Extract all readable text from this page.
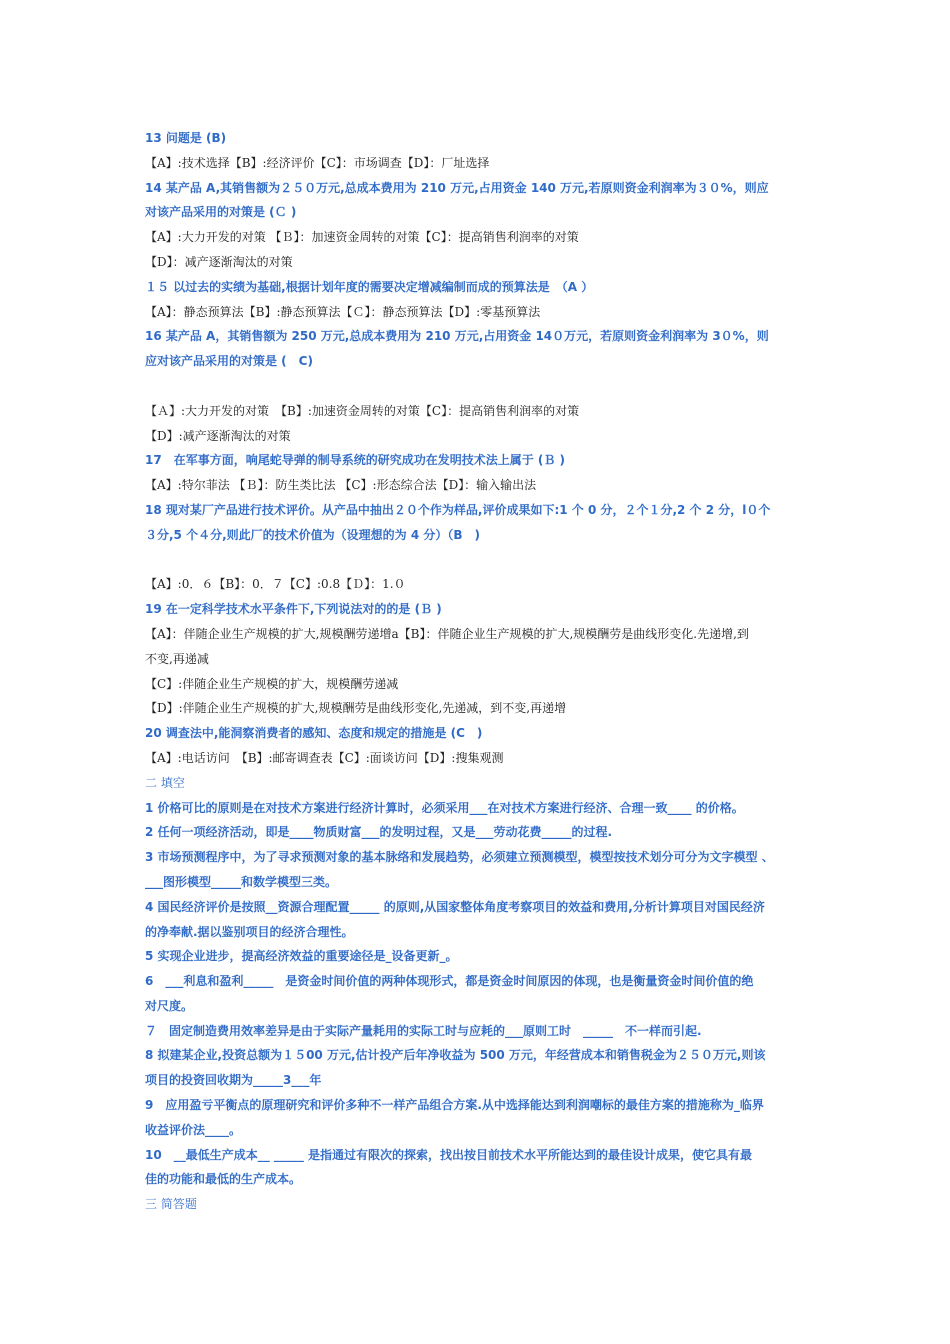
13 问题是 (B)
【A】:技术选择【B】:经济评价【C】：市场调查【D】：厂址选择
14 某产品 A,其销售额为２５０万元,总成本费用为 210 万元,占用资金 140 万元,若原则资金利润率为３０%，则应
对该产品采用的对策是 (Ｃ )
【A】:大力开发的对策 【Ｂ】：加速资金周转的对策【C】：提高销售利润率的对策
【D】：减产逐渐淘汰的对策
１５ 以过去的实绩为基础,根据计划年度的需要决定增减编制而成的预算法是　（A ）
【A】：静态预算法【B】:静态预算法【Ｃ】：静态预算法【D】:零基预算法
16 某产品 A，其销售额为 250 万元,总成本费用为 210 万元,占用资金 14０万元，若原则资金利润率为 3０%，则
应对该产品采用的对策是 (　C)
【Ａ】:大力开发的对策　【B】:加速资金周转的对策【C】：提高销售利润率的对策
【D】:减产逐渐淘汰的对策
17　在军事方面，响尾蛇导弹的制导系统的研究成功在发明技术法上属于 (Ｂ )
【A】:特尔菲法 【Ｂ】：防生类比法 【C】:形态综合法【D】：输入输出法
18 现对某厂产品进行技术评价。从产品中抽出２０个作为样品,评价成果如下:1 个 0 分，２个１分,2 个 2 分，l０个
３分,5 个４分,则此厂的技术价值为（设理想的为 4 分）（B　)
【A】:0．６【B】：0．７【C】:0.8【Ｄ】：1.０
19 在一定科学技术水平条件下,下列说法对的的是 (Ｂ )
【A】：伴随企业生产规模的扩大,规模酬劳递增a【B】：伴随企业生产规模的扩大,规模酬劳是曲线形变化.先递增,到
不变,再递减
【C】:伴随企业生产规模的扩大，规模酬劳递减
【D】:伴随企业生产规模的扩大,规模酬劳是曲线形变化,先递减，到不变,再递增
20 调查法中,能洞察消费者的感知、态度和规定的措施是 (C　)
【A】:电话访问　【B】:邮寄调查表【C】:面谈访问【D】:搜集观测
二 填空
1 价格可比的原则是在对技术方案进行经济计算时，必须采用___在对技术方案进行经济、合理一致____ 的价格。
2 任何一项经济活动，即是____物质财富___的发明过程，又是___劳动花费_____的过程.
3 市场预测程序中，为了寻求预测对象的基本脉络和发展趋势，必须建立预测模型，模型按技术划分可分为文字模型 、
___图形模型_____和数学模型三类。
4 国民经济评价是按照__资源合理配置_____ 的原则,从国家整体角度考察项目的效益和费用,分析计算项目对国民经济
的净奉献.据以鉴别项目的经济合理性。
5 实现企业进步，提高经济效益的重要途径是_设备更新_。
6　___利息和盈利_____　是资金时间价值的两种体现形式，都是资金时间原因的体现，也是衡量资金时间价值的绝
对尺度。
７　固定制造费用效率差异是由于实际产量耗用的实际工时与应耗的___原则工时　_____　不一样而引起.
8 拟建某企业,投资总额为１５00 万元,估计投产后年净收益为 500 万元，年经营成本和销售税金为２５０万元,则该
项目的投资回收期为_____3___年
9　应用盈亏平衡点的原理研究和评价多种不一样产品组合方案.从中选择能达到利润嘲标的最佳方案的措施称为_临界
收益评价法____。
10　__最低生产成本__ _____ 是指通过有限次的探索，找出按目前技术水平所能达到的最佳设计成果，使它具有最
佳的功能和最低的生产成本。
三 简答题
